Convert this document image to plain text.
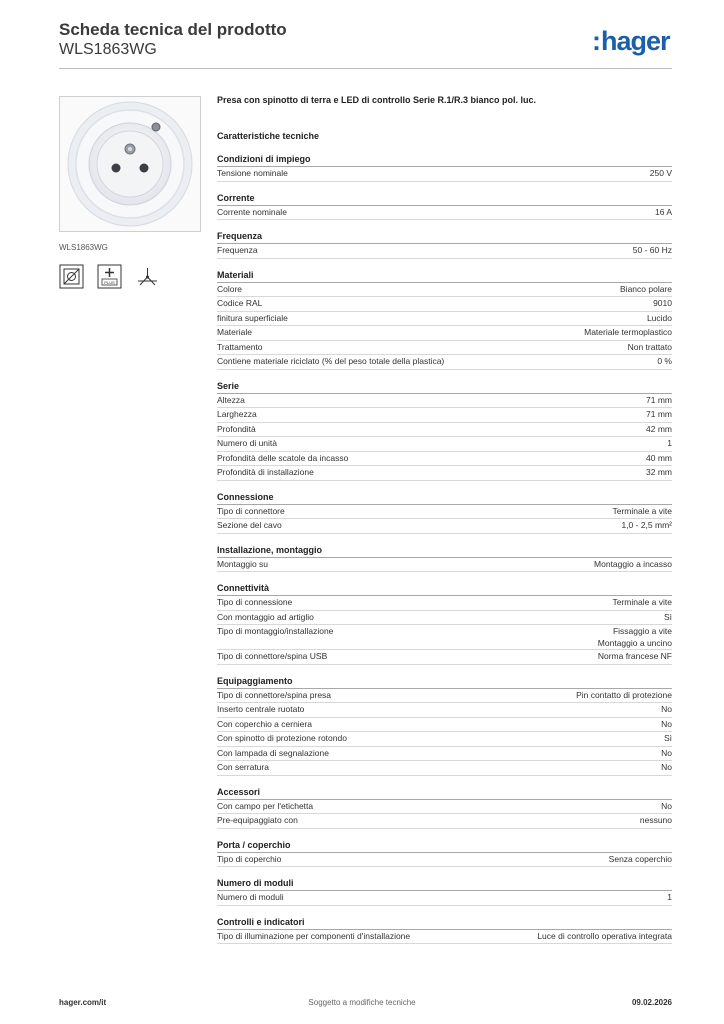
Scheda tecnica del prodotto
WLS1863WG	:hager
WLS1863WG
PLUS
Presa con spinotto di terra e LED di controllo Serie R.1/R.3 bianco pol. luc.
Caratteristiche tecniche
Condizioni di impiego
Tensione nominale	250 V
Corrente
Corrente nominale	16 A
Frequenza
Frequenza	50 - 60 Hz
Materiali
Colore	Bianco polare
Codice RAL	9010
finitura superficiale	Lucido
Materiale	Materiale termoplastico
Trattamento	Non trattato
Contiene materiale riciclato (% del peso totale della plastica)	0 %
Serie
Altezza	71 mm
Larghezza	71 mm
Profondità	42 mm
Numero di unità	1
Profondità delle scatole da incasso	40 mm
Profondità di installazione	32 mm
Connessione
Tipo di connettore	Terminale a vite
Sezione del cavo	1,0 - 2,5 mm²
Installazione, montaggio
Montaggio su	Montaggio a incasso
Connettività
Tipo di connessione	Terminale a vite
Con montaggio ad artiglio	Sì
Tipo di montaggio/installazione	Fissaggio a vite
Montaggio a uncino
Tipo di connettore/spina USB	Norma francese NF
Equipaggiamento
Tipo di connettore/spina presa	Pin contatto di protezione
Inserto centrale ruotato	No
Con coperchio a cerniera	No
Con spinotto di protezione rotondo	Sì
Con lampada di segnalazione	No
Con serratura	No
Accessori
Con campo per l'etichetta	No
Pre-equipaggiato con	nessuno
Porta / coperchio
Tipo di coperchio	Senza coperchio
Numero di moduli
Numero di moduli	1
Controlli e indicatori
Tipo di illuminazione per componenti d'installazione	Luce di controllo operativa integrata
hager.com/it	Soggetto a modifiche tecniche	09.02.2026
